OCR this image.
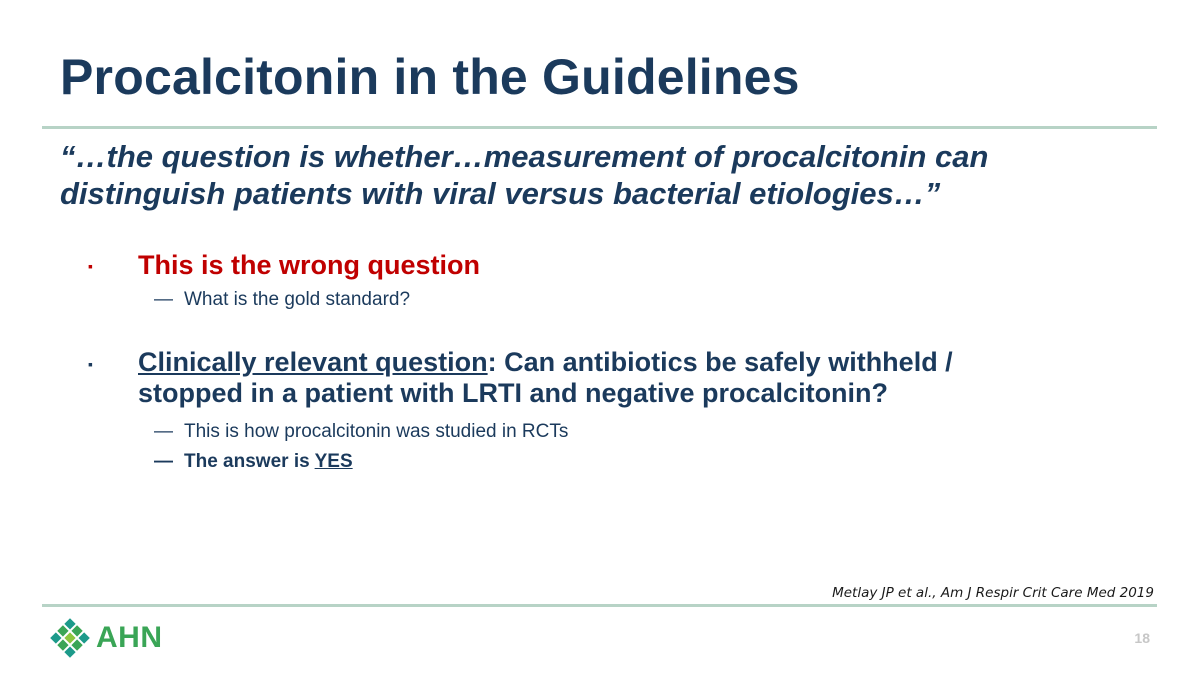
Procalcitonin in the Guidelines
“…the question is whether…measurement of procalcitonin can
distinguish patients with viral versus bacterial etiologies…”
▪ This is the wrong question
— What is the gold standard?
▪ Clinically relevant question: Can antibiotics be safely withheld /
stopped in a patient with LRTI and negative procalcitonin?
— This is how procalcitonin was studied in RCTs
— The answer is YES
Metlay JP et al., Am J Respir Crit Care Med 2019
AHN	18
